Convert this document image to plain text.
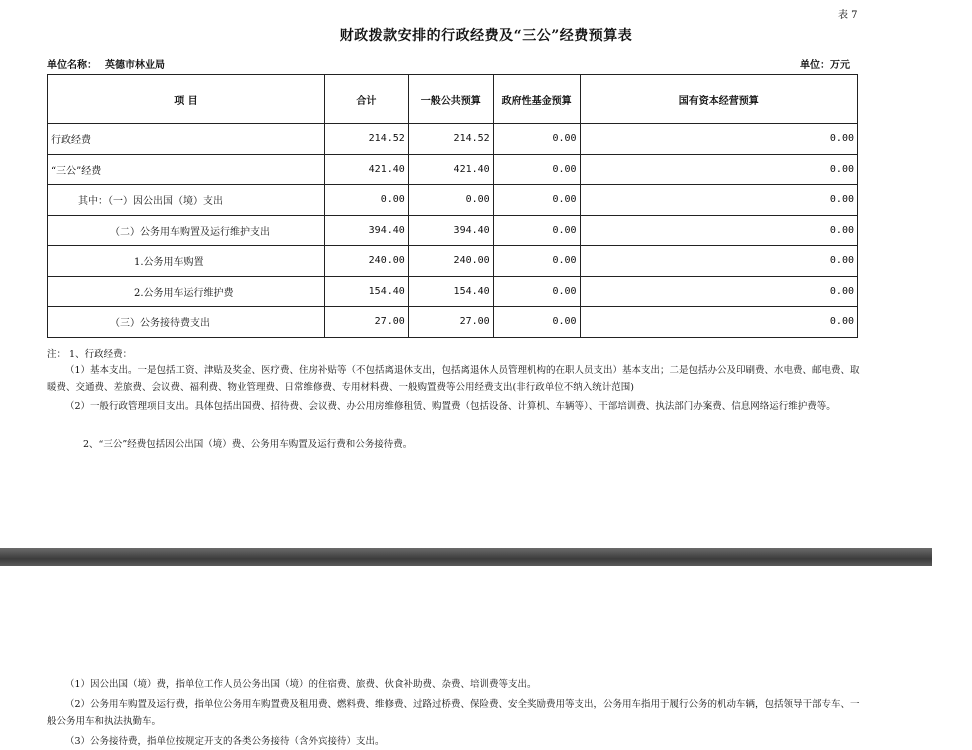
表 7
财政拨款安排的行政经费及“三公”经费预算表
单位名称： 英德市林业局	单位：万元
项 目	合计	一般公共预算	政府性基金预算	国有资本经营预算
行政经费	214.52	214.52	0.00	0.00
“三公”经费	421.40	421.40	0.00	0.00
其中：（一）因公出国（境）支出	0.00	0.00	0.00	0.00
（二）公务用车购置及运行维护支出	394.40	394.40	0.00	0.00
1.公务用车购置	240.00	240.00	0.00	0.00
2.公务用车运行维护费	154.40	154.40	0.00	0.00
（三）公务接待费支出	27.00	27.00	0.00	0.00

注： 1、行政经费：

（1）基本支出。一是包括工资、津贴及奖金、医疗费、住房补贴等（不包括离退休支出，包括离退休人员管理机构的在职人员支出）基本支出；二是包括办公及印刷费、水电费、邮电费、取暖费、交通费、差旅费、会议费、福利费、物业管理费、日常维修费、专用材料费、一般购置费等公用经费支出(非行政单位不纳入统计范围)

（2）一般行政管理项目支出。具体包括出国费、招待费、会议费、办公用房维修租赁、购置费（包括设备、计算机、车辆等）、干部培训费、执法部门办案费、信息网络运行维护费等。

2、“三公”经费包括因公出国（境）费、公务用车购置及运行费和公务接待费。

（1）因公出国（境）费，指单位工作人员公务出国（境）的住宿费、旅费、伙食补助费、杂费、培训费等支出。

（2）公务用车购置及运行费，指单位公务用车购置费及租用费、燃料费、维修费、过路过桥费、保险费、安全奖励费用等支出，公务用车指用于履行公务的机动车辆，包括领导干部专车、一般公务用车和执法执勤车。

（3）公务接待费，指单位按规定开支的各类公务接待（含外宾接待）支出。
